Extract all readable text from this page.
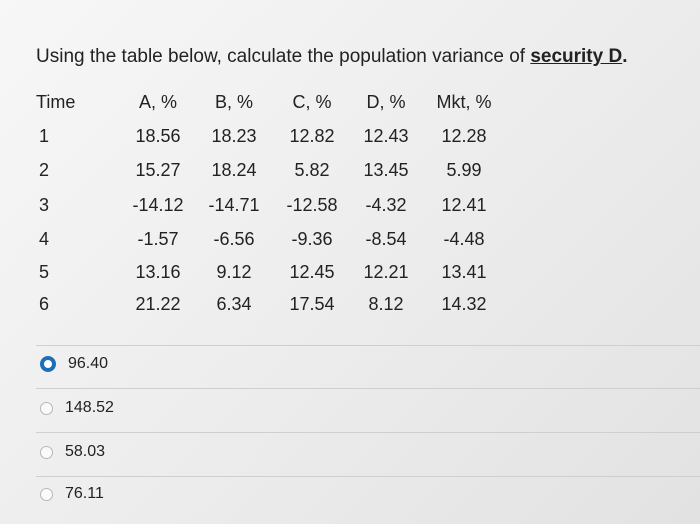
Using the table below, calculate the population variance of security D.
Time	A, %	B, %	C, %	D, %	Mkt, %
1	18.56	18.23	12.82	12.43	12.28
2	15.27	18.24	5.82	13.45	5.99
3	-14.12	-14.71	-12.58	-4.32	12.41
4	-1.57	-6.56	-9.36	-8.54	-4.48
5	13.16	9.12	12.45	12.21	13.41
6	21.22	6.34	17.54	8.12	14.32
96.40
148.52
58.03
76.11
